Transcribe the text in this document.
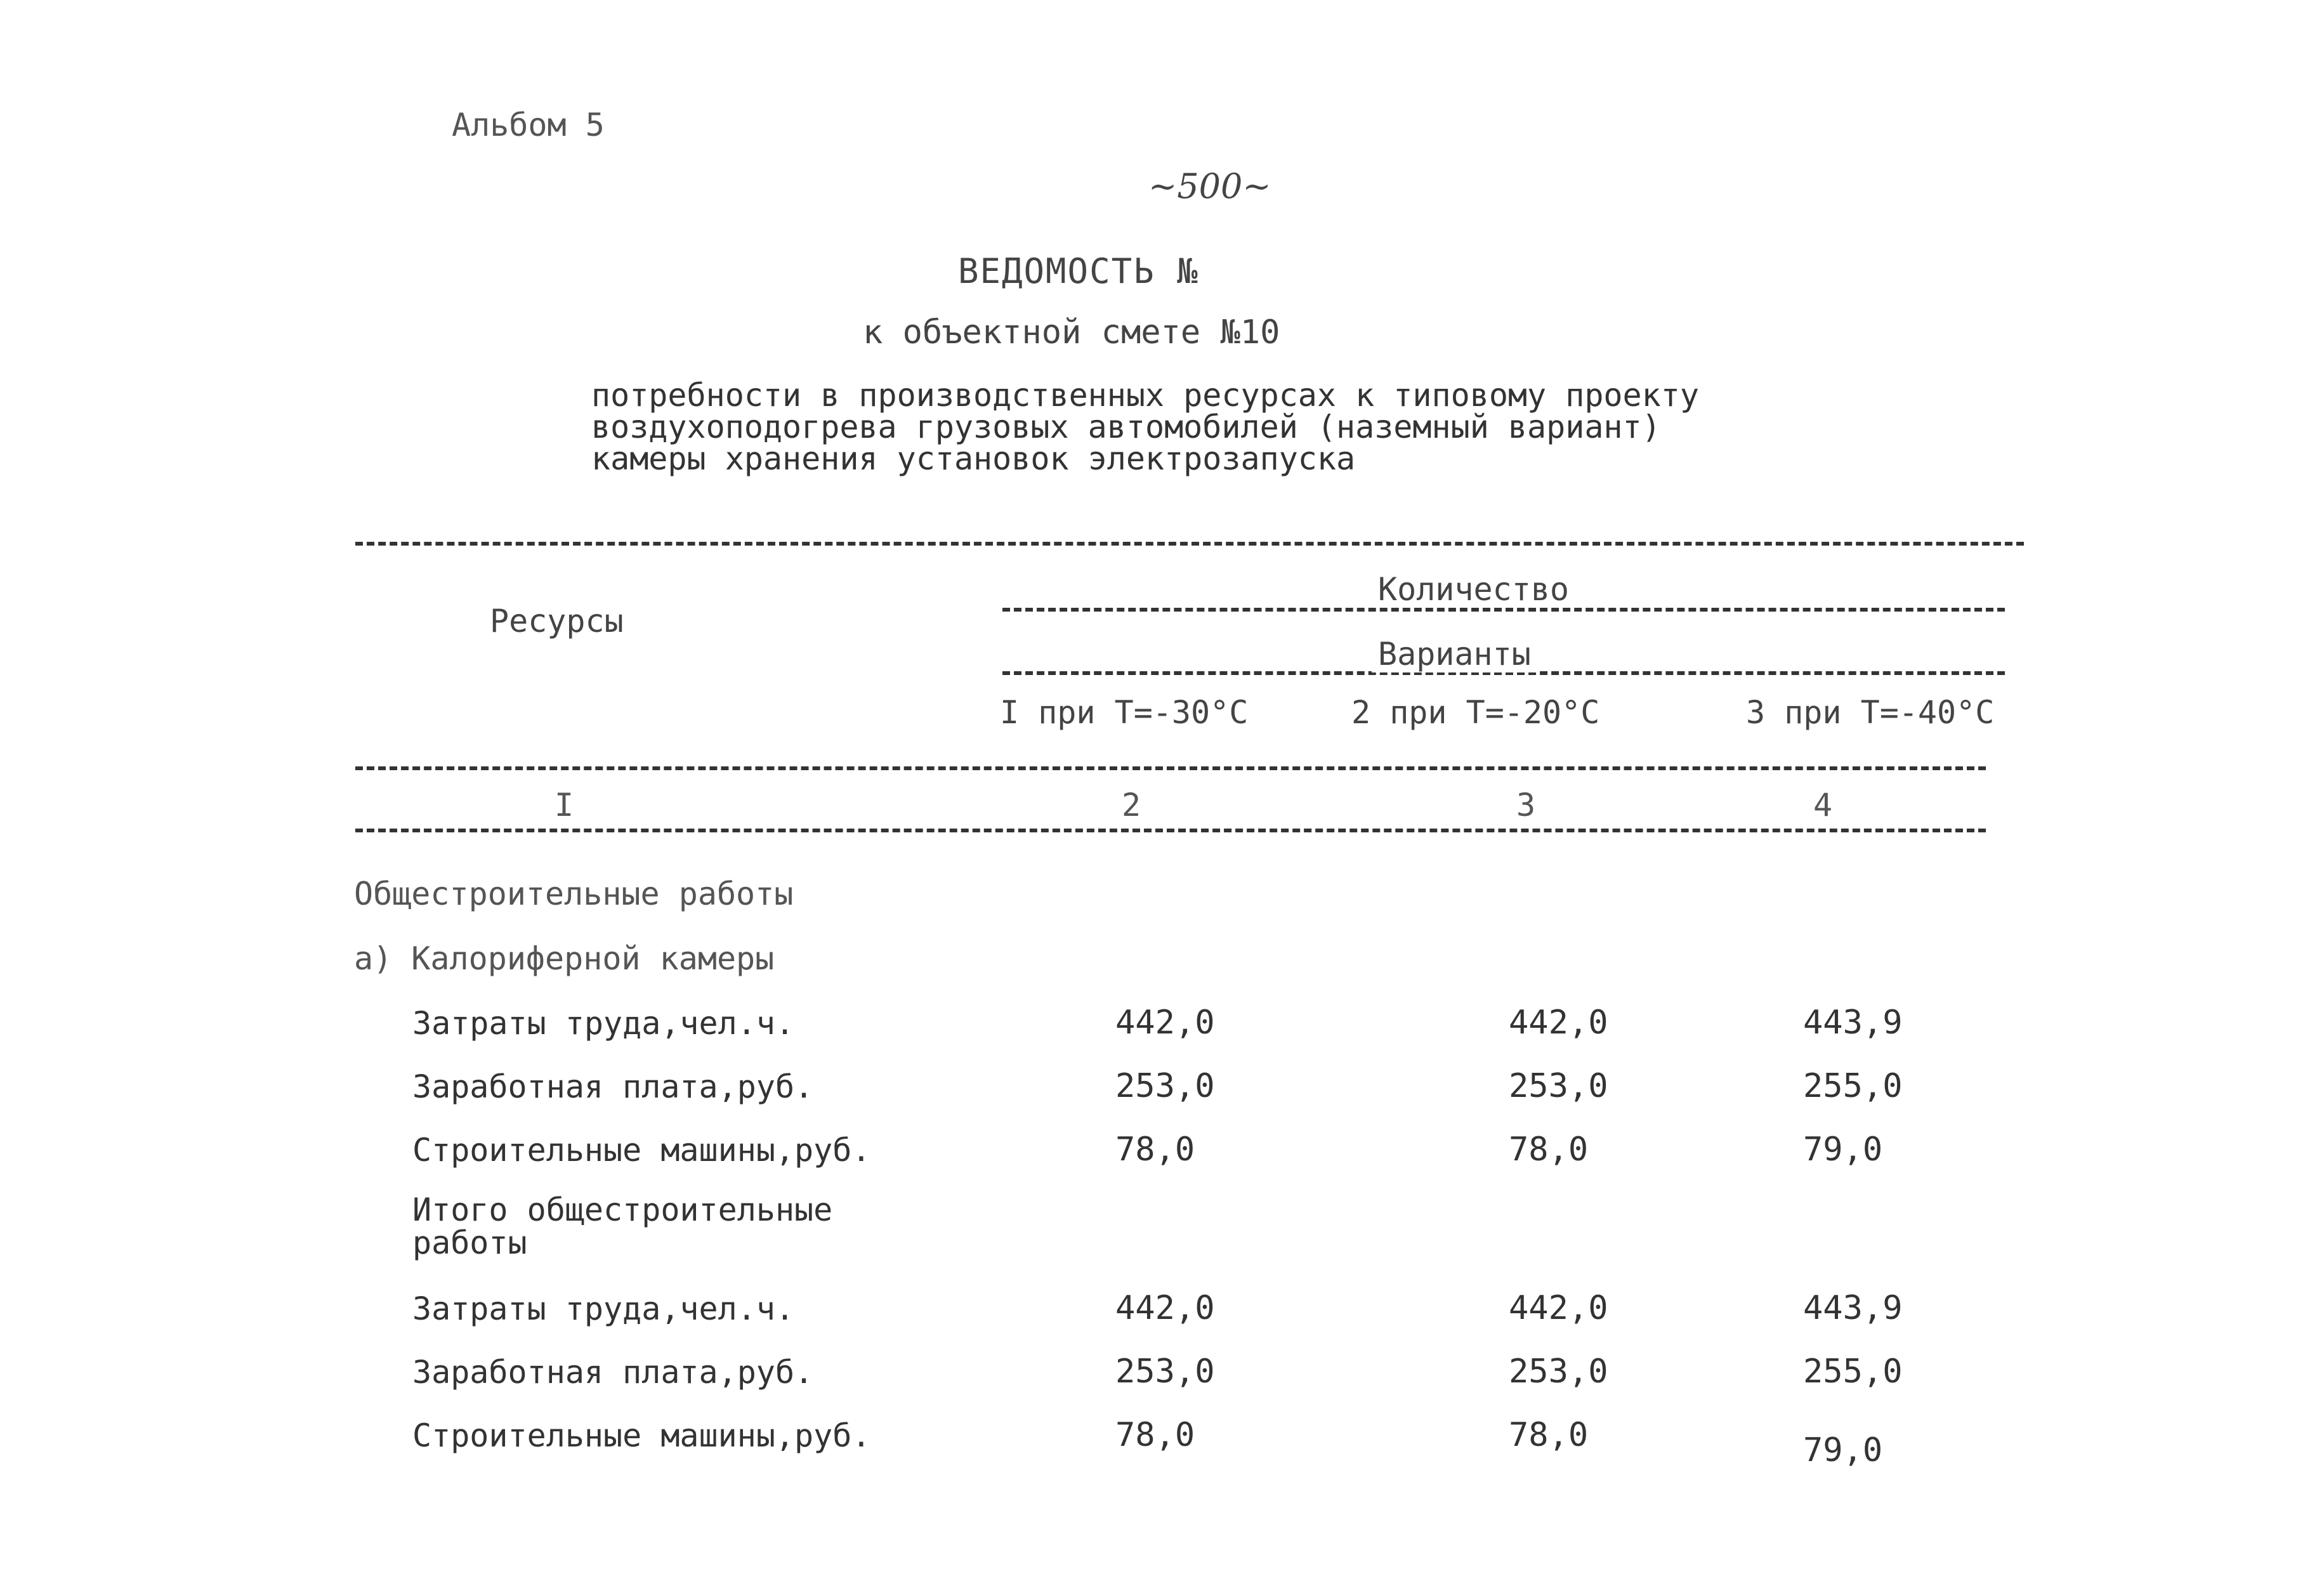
Альбом 5
~500~
ВЕДОМОСТЬ №
к объектной смете №10
потребности в производственных ресурсах к типовому проекту
воздухоподогрева грузовых автомобилей (наземный вариант)
камеры хранения установок электрозапуска
Ресурсы
Количество
Варианты
I при Т=-30°С	2 при Т=-20°С	3 при Т=-40°С
I	2	3	4
Общестроительные работы
а) Калориферной камеры
Затраты труда,чел.ч.	442,0	442,0	443,9
Заработная плата,руб.	253,0	253,0	255,0
Строительные машины,руб.	78,0	78,0	79,0
Итого общестроительные
работы
Затраты труда,чел.ч.	442,0	442,0	443,9
Заработная плата,руб.	253,0	253,0	255,0
Строительные машины,руб.	78,0	78,0	79,0
